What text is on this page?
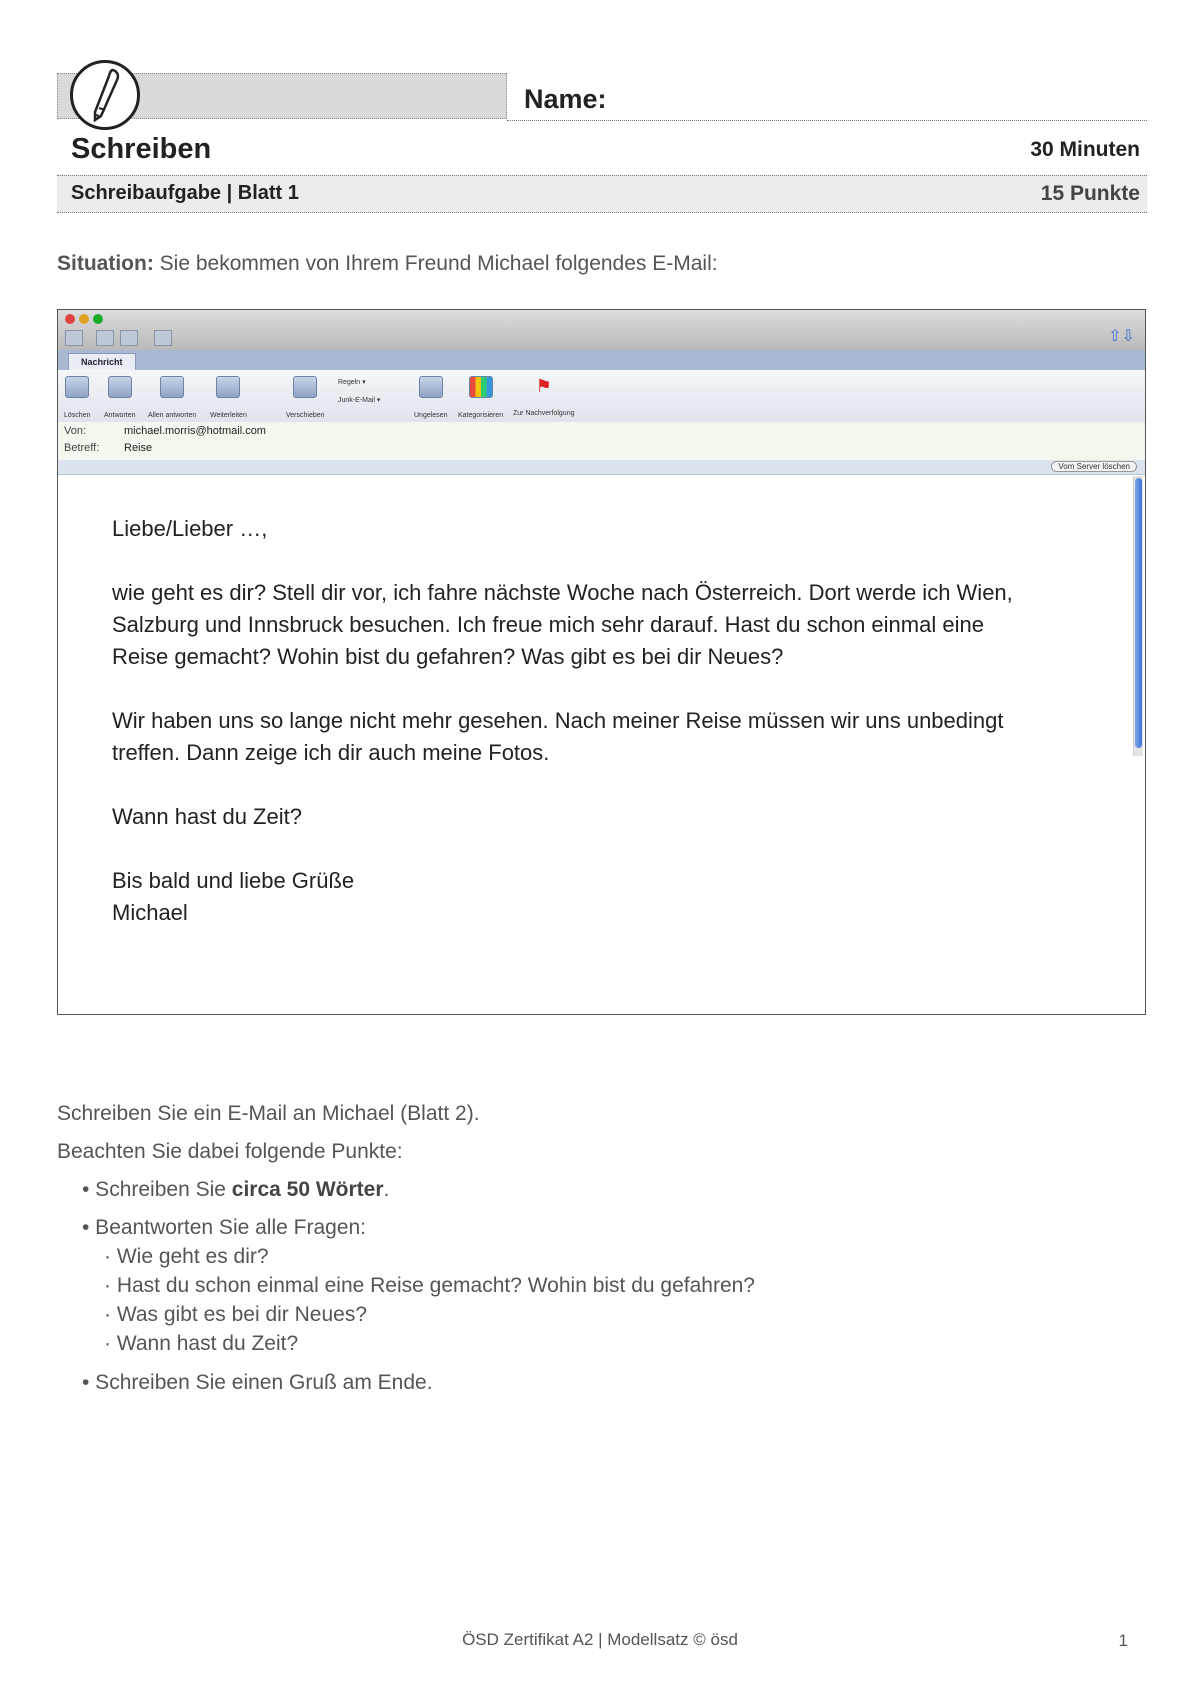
Name:
Schreiben	30 Minuten
Schreibaufgabe | Blatt 1	15 Punkte
Situation: Sie bekommen von Ihrem Freund Michael folgendes E-Mail:
⇧⇩
Nachricht
Löschen Antworten Allen antworten Weiterleiten	Verschieben
Regeln ▾
Junk-E-Mail ▾
Ungelesen Kategorisieren
⚑
Zur Nachverfolgung
Von:	michael.morris@hotmail.com
Betreff: Reise
Vom Server löschen
Liebe/Lieber …,
wie geht es dir? Stell dir vor, ich fahre nächste Woche nach Österreich. Dort werde ich Wien,
Salzburg und Innsbruck besuchen. Ich freue mich sehr darauf. Hast du schon einmal eine
Reise gemacht? Wohin bist du gefahren? Was gibt es bei dir Neues?
Wir haben uns so lange nicht mehr gesehen. Nach meiner Reise müssen wir uns unbedingt
treffen. Dann zeige ich dir auch meine Fotos.
Wann hast du Zeit?
Bis bald und liebe Grüße
Michael
Schreiben Sie ein E-Mail an Michael (Blatt 2).
Beachten Sie dabei folgende Punkte:
• Schreiben Sie circa 50 Wörter.
• Beantworten Sie alle Fragen:
· Wie geht es dir?
· Hast du schon einmal eine Reise gemacht? Wohin bist du gefahren?
· Was gibt es bei dir Neues?
· Wann hast du Zeit?
• Schreiben Sie einen Gruß am Ende.
ÖSD Zertifikat A2 | Modellsatz © ösd	1
